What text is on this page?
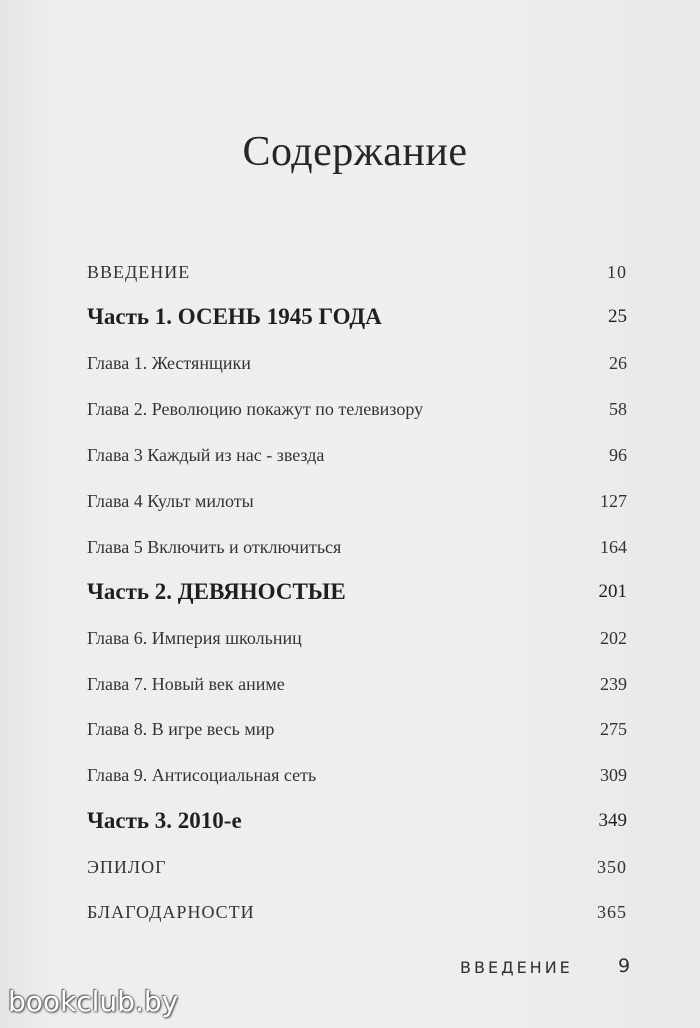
Содержание
ВВЕДЕНИЕ	10
Часть 1. ОСЕНЬ 1945 ГОДА	25
Глава 1. Жестянщики	26
Глава 2. Революцию покажут по телевизору	58
Глава 3 Каждый из нас - звезда	96
Глава 4 Культ милоты	127
Глава 5 Включить и отключиться	164
Часть 2. ДЕВЯНОСТЫЕ	201
Глава 6. Империя школьниц	202
Глава 7. Новый век аниме	239
Глава 8. В игре весь мир	275
Глава 9. Антисоциальная сеть	309
Часть 3. 2010-е	349
ЭПИЛОГ	350
БЛАГОДАРНОСТИ	365
ВВЕДЕНИЕ 9
bookclub.by
